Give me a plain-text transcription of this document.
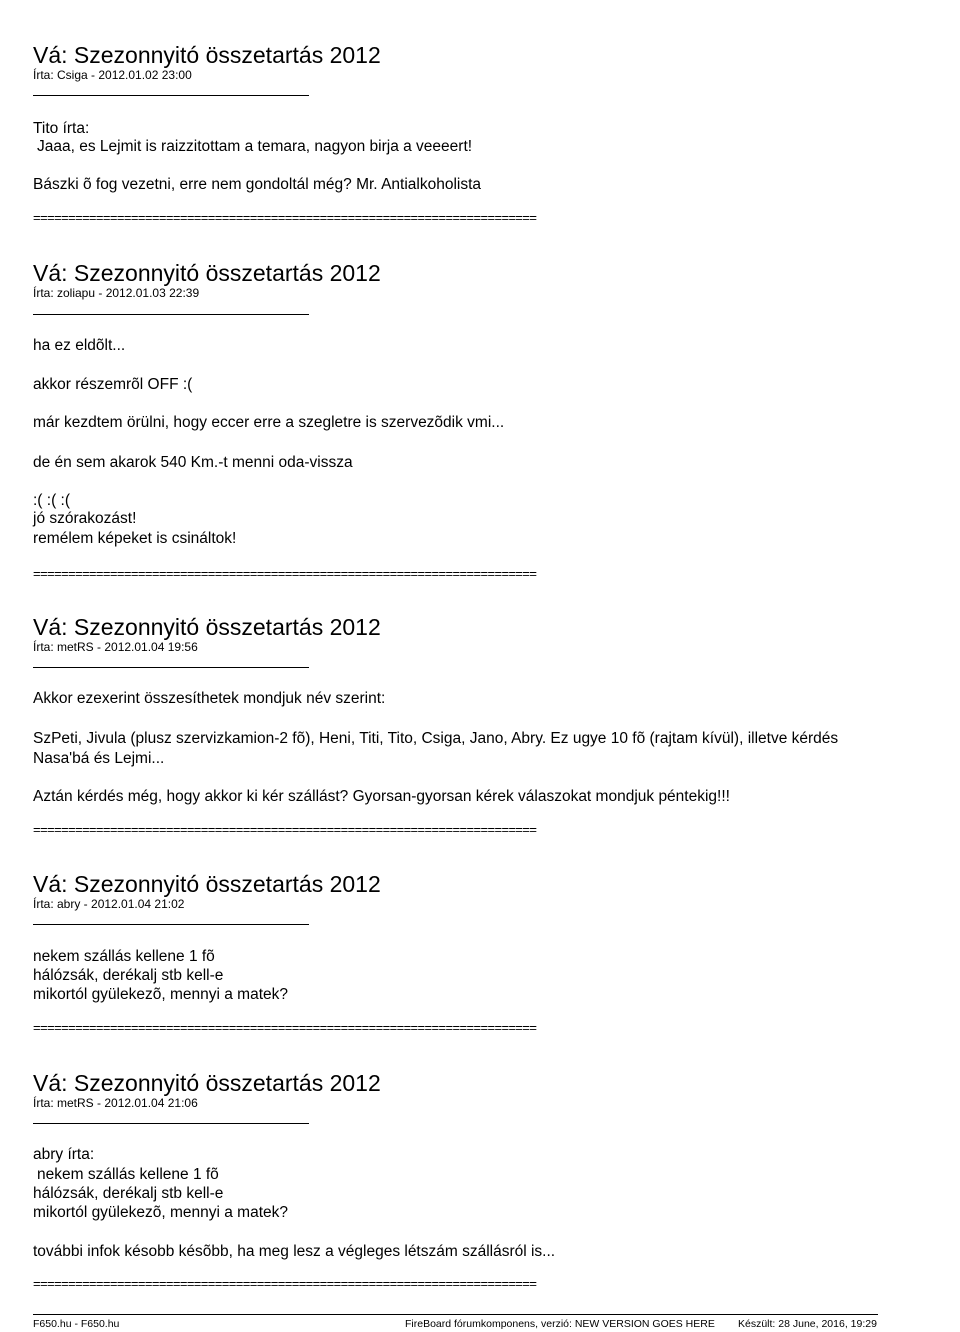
Vá: Szezonnyitó összetartás 2012
Írta: Csiga - 2012.01.02 23:00
Tito írta:
Jaaa, es Lejmit is raizzitottam a temara, nagyon birja a veeeert!
Bászki õ fog vezetni, erre nem gondoltál még? Mr. Antialkoholista
========================================================================
Vá: Szezonnyitó összetartás 2012
Írta: zoliapu - 2012.01.03 22:39
ha ez eldõlt...
akkor részemrõl OFF :(
már kezdtem örülni, hogy eccer erre a szegletre is szervezõdik vmi...
de én sem akarok 540 Km.-t menni oda-vissza
:( :( :(
jó szórakozást!
remélem képeket is csináltok!
========================================================================
Vá: Szezonnyitó összetartás 2012
Írta: metRS - 2012.01.04 19:56
Akkor ezexerint összesíthetek mondjuk név szerint:
SzPeti, Jivula (plusz szervizkamion-2 fõ), Heni, Titi, Tito, Csiga, Jano, Abry. Ez ugye 10 fõ (rajtam kívül), illetve kérdés
Nasa'bá és Lejmi...
Aztán kérdés még, hogy akkor ki kér szállást? Gyorsan-gyorsan kérek válaszokat mondjuk péntekig!!!
========================================================================
Vá: Szezonnyitó összetartás 2012
Írta: abry - 2012.01.04 21:02
nekem szállás kellene 1 fõ
hálózsák, derékalj stb kell-e
mikortól gyülekezõ, mennyi a matek?
========================================================================
Vá: Szezonnyitó összetartás 2012
Írta: metRS - 2012.01.04 21:06
abry írta:
nekem szállás kellene 1 fõ
hálózsák, derékalj stb kell-e
mikortól gyülekezõ, mennyi a matek?
további infok késobb késõbb, ha meg lesz a végleges létszám szállásról is...
========================================================================
F650.hu - F650.hu	FireBoard fórumkomponens, verzió: NEW VERSION GOES HERE Készült: 28 June, 2016, 19:29
